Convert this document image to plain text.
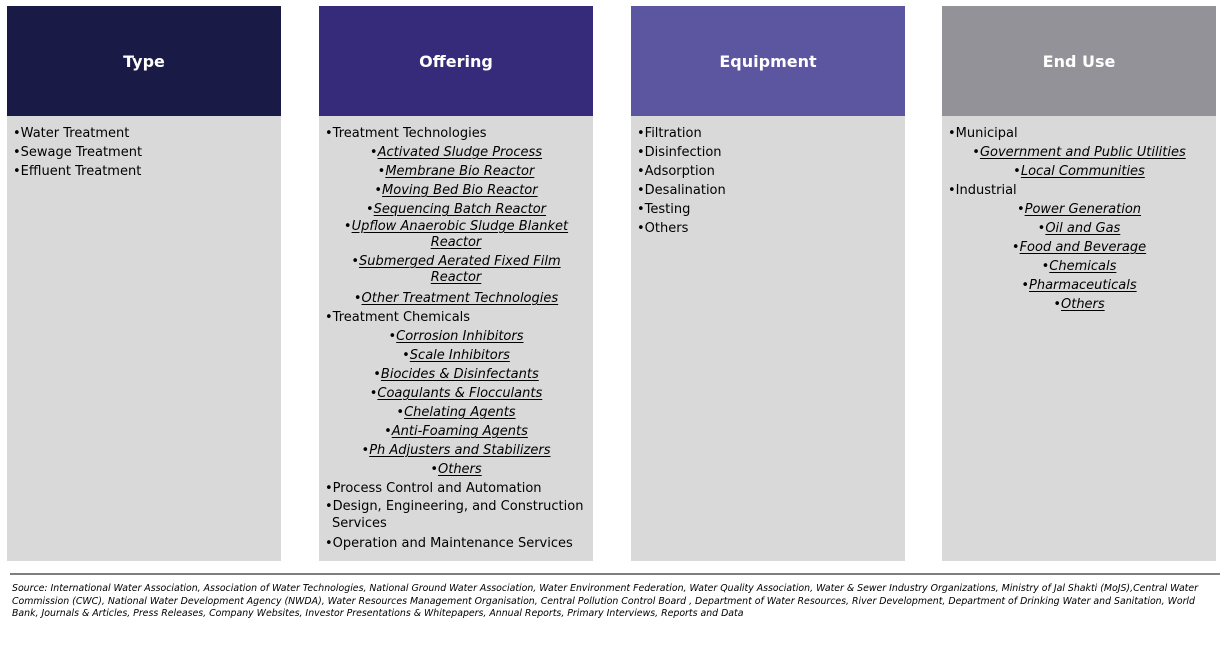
Type
•Water Treatment
•Sewage Treatment
•Effluent Treatment
Offering
•Treatment Technologies
•Activated Sludge Process
•Membrane Bio Reactor
•Moving Bed Bio Reactor
•Sequencing Batch Reactor
•Upflow Anaerobic Sludge Blanket Reactor
•Submerged Aerated Fixed Film Reactor
•Other Treatment Technologies
•Treatment Chemicals
•Corrosion Inhibitors
•Scale Inhibitors
•Biocides & Disinfectants
•Coagulants & Flocculants
•Chelating Agents
•Anti-Foaming Agents
•Ph Adjusters and Stabilizers
•Others
•Process Control and Automation
•Design, Engineering, and Construction Services
•Operation and Maintenance Services
Equipment
•Filtration
•Disinfection
•Adsorption
•Desalination
•Testing
•Others
End Use
•Municipal
•Government and Public Utilities
•Local Communities
•Industrial
•Power Generation
•Oil and Gas
•Food and Beverage
•Chemicals
•Pharmaceuticals
•Others
Source: International Water Association, Association of Water Technologies, National Ground Water Association, Water Environment Federation, Water Quality Association, Water & Sewer Industry Organizations, Ministry of Jal Shakti (MoJS),Central Water Commission (CWC), National Water Development Agency (NWDA), Water Resources Management Organisation, Central Pollution Control Board , Department of Water Resources, River Development, Department of Drinking Water and Sanitation, World Bank, Journals & Articles, Press Releases, Company Websites, Investor Presentations & Whitepapers, Annual Reports, Primary Interviews, Reports and Data
